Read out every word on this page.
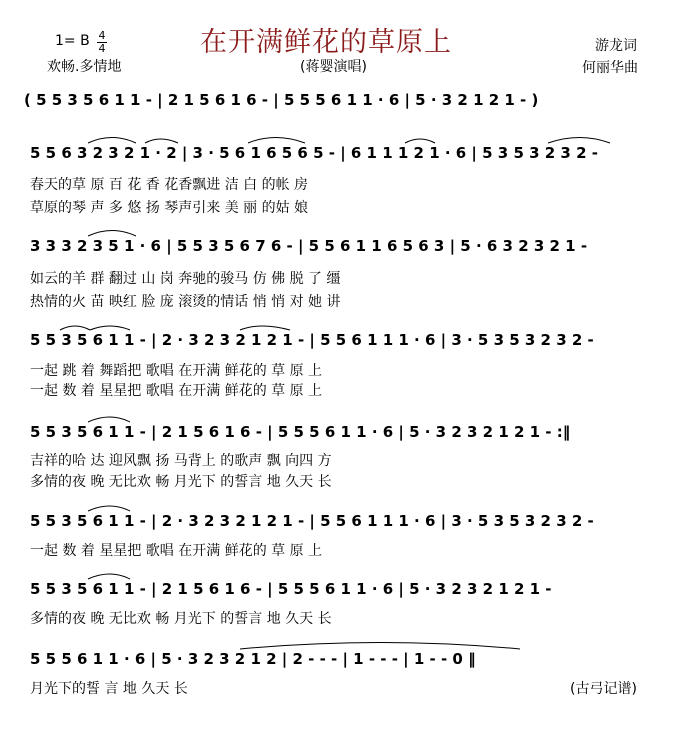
1= B 4
4
欢畅.多情地
在开满鲜花的草原上
(蒋婴演唱)
游龙词
何丽华曲
( 5 5 3 5 6 1 1 - | 2 1 5 6 1 6 - | 5 5 5 6 1 1 · 6 | 5 · 3 2 1 2 1 - )
5 5 6 3 2 3 2 1 · 2 | 3 · 5 6 1 6 5 6 5 - | 6 1 1 1 2 1 · 6 | 5 3 5 3 2 3 2 -
春天的草 原 百 花 香 花香飘进 洁 白 的帐 房
草原的琴 声 多 悠 扬 琴声引来 美 丽 的姑 娘
3 3 3 2 3 5 1 · 6 | 5 5 3 5 6 7 6 - | 5 5 6 1 1 6 5 6 3 | 5 · 6 3 2 3 2 1 -
如云的羊 群 翻过 山 岗 奔驰的骏马 仿 佛 脱 了 缰
热情的火 苗 映红 脸 庞 滚烫的情话 悄 悄 对 她 讲
5 5 3 5 6 1 1 - | 2 · 3 2 3 2 1 2 1 - | 5 5 6 1 1 1 · 6 | 3 · 5 3 5 3 2 3 2 -
一起 跳 着 舞蹈把 歌唱 在开满 鲜花的 草 原 上
一起 数 着 星星把 歌唱 在开满 鲜花的 草 原 上
5 5 3 5 6 1 1 - | 2 1 5 6 1 6 - | 5 5 5 6 1 1 · 6 | 5 · 3 2 3 2 1 2 1 - :‖
吉祥的哈 达 迎风飘 扬 马背上 的歌声 飘 向四 方
多情的夜 晚 无比欢 畅 月光下 的誓言 地 久天 长
5 5 3 5 6 1 1 - | 2 · 3 2 3 2 1 2 1 - | 5 5 6 1 1 1 · 6 | 3 · 5 3 5 3 2 3 2 -
一起 数 着 星星把 歌唱 在开满 鲜花的 草 原 上
5 5 3 5 6 1 1 - | 2 1 5 6 1 6 - | 5 5 5 6 1 1 · 6 | 5 · 3 2 3 2 1 2 1 -
多情的夜 晚 无比欢 畅 月光下 的誓言 地 久天 长
5 5 5 6 1 1 · 6 | 5 · 3 2 3 2 1 2 | 2 - - - | 1 - - - | 1 - - 0 ‖
月光下的誓 言 地 久天 长	(古弓记谱)
